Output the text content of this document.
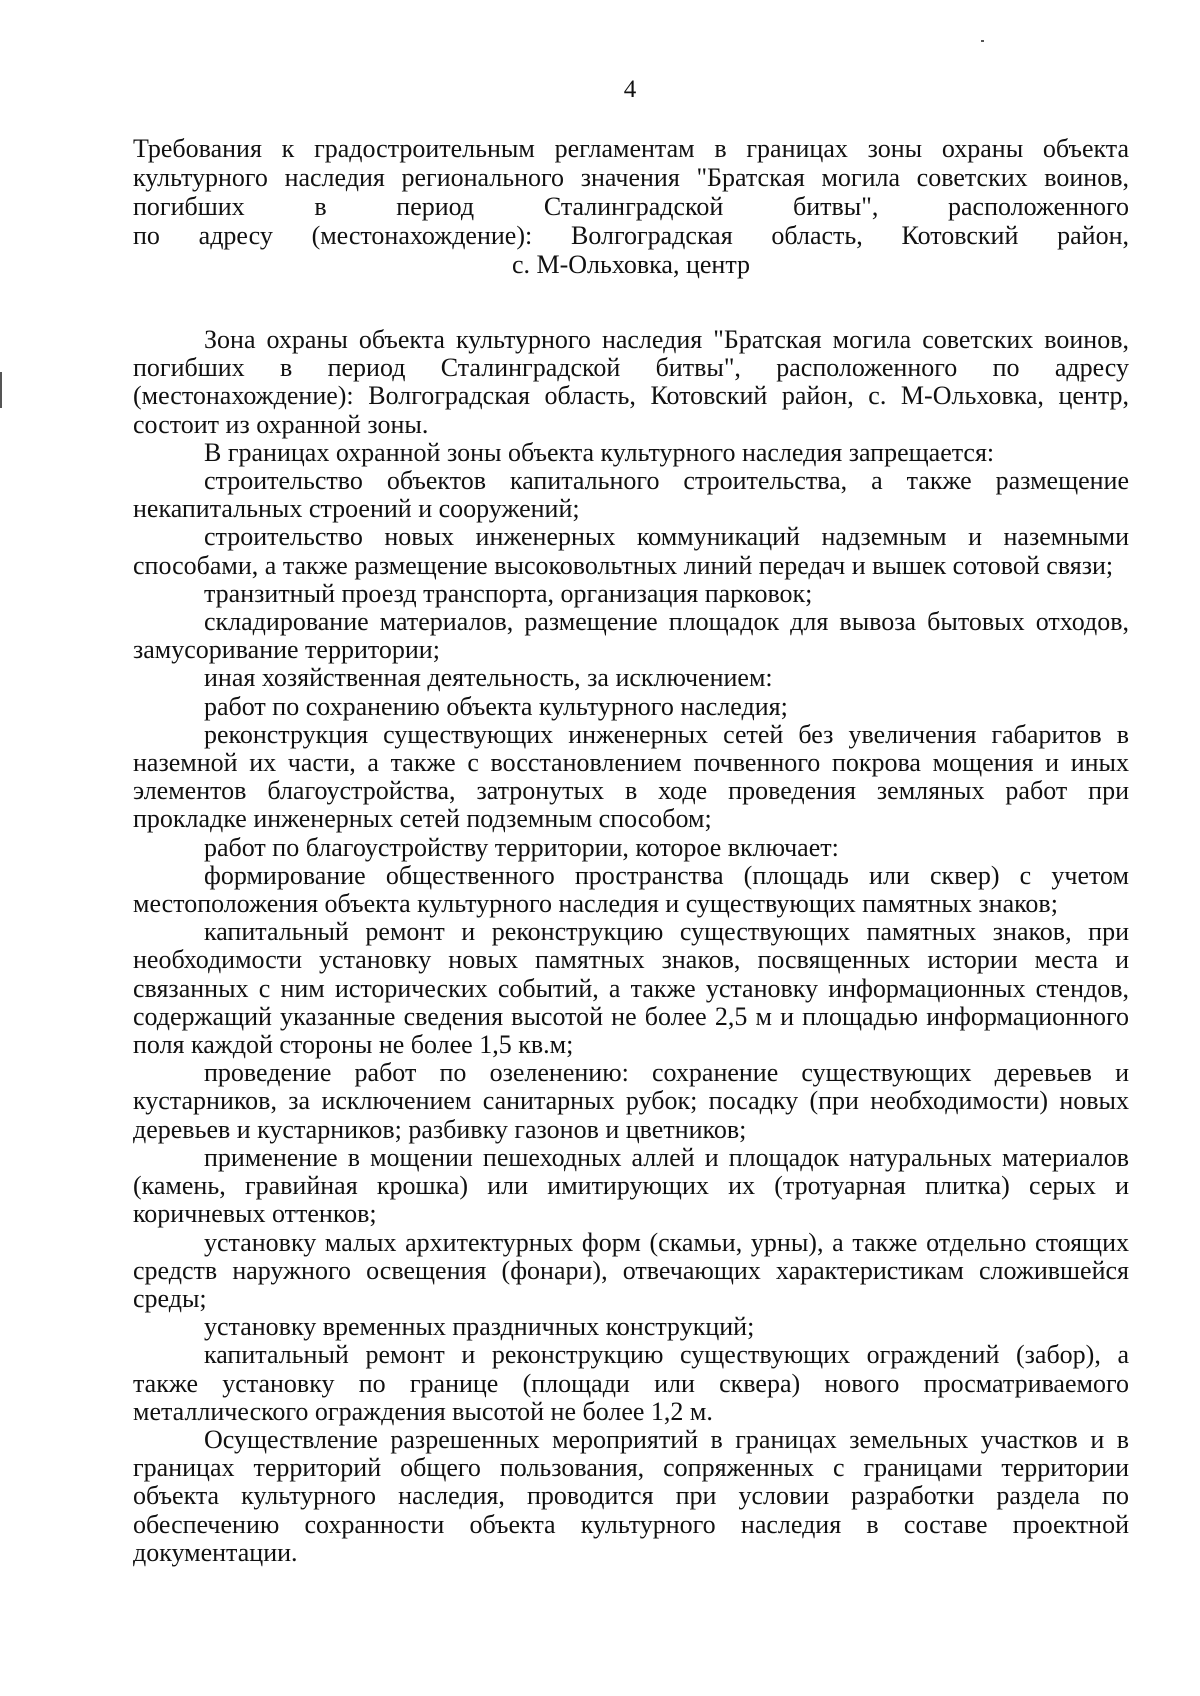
4
Требования к градостроительным регламентам в границах зоны охраны объекта
культурного наследия регионального значения "Братская могила советских воинов,
погибших в период Сталинградской битвы", расположенного
по адресу (местонахождение): Волгоградская область, Котовский район,
с. М-Ольховка, центр

Зона охраны объекта культурного наследия "Братская могила советских воинов, погибших в период Сталинградской битвы", расположенного по адресу (местонахождение): Волгоградская область, Котовский район, с. М-Ольховка, центр, состоит из охранной зоны.

В границах охранной зоны объекта культурного наследия запрещается:

строительство объектов капитального строительства, а также размещение некапитальных строений и сооружений;

строительство новых инженерных коммуникаций надземным и наземными способами, а также размещение высоковольтных линий передач и вышек сотовой связи;

транзитный проезд транспорта, организация парковок;

складирование материалов, размещение площадок для вывоза бытовых отходов, замусоривание территории;

иная хозяйственная деятельность, за исключением:

работ по сохранению объекта культурного наследия;

реконструкция существующих инженерных сетей без увеличения габаритов в наземной их части, а также с восстановлением почвенного покрова мощения и иных элементов благоустройства, затронутых в ходе проведения земляных работ при прокладке инженерных сетей подземным способом;

работ по благоустройству территории, которое включает:

формирование общественного пространства (площадь или сквер) с учетом местоположения объекта культурного наследия и существующих памятных знаков;

капитальный ремонт и реконструкцию существующих памятных знаков, при необходимости установку новых памятных знаков, посвященных истории места и связанных с ним исторических событий, а также установку информационных стендов, содержащий указанные сведения высотой не более 2,5 м и площадью информационного поля каждой стороны не более 1,5 кв.м;

проведение работ по озеленению: сохранение существующих деревьев и кустарников, за исключением санитарных рубок; посадку (при необходимости) новых деревьев и кустарников; разбивку газонов и цветников;

применение в мощении пешеходных аллей и площадок натуральных материалов (камень, гравийная крошка) или имитирующих их (тротуарная плитка) серых и коричневых оттенков;

установку малых архитектурных форм (скамьи, урны), а также отдельно стоящих средств наружного освещения (фонари), отвечающих характеристикам сложившейся среды;

установку временных праздничных конструкций;

капитальный ремонт и реконструкцию существующих ограждений (забор), а также установку по границе (площади или сквера) нового просматриваемого металлического ограждения высотой не более 1,2 м.

Осуществление разрешенных мероприятий в границах земельных участков и в границах территорий общего пользования, сопряженных с границами территории объекта культурного наследия, проводится при условии разработки раздела по обеспечению сохранности объекта культурного наследия в составе проектной документации.
